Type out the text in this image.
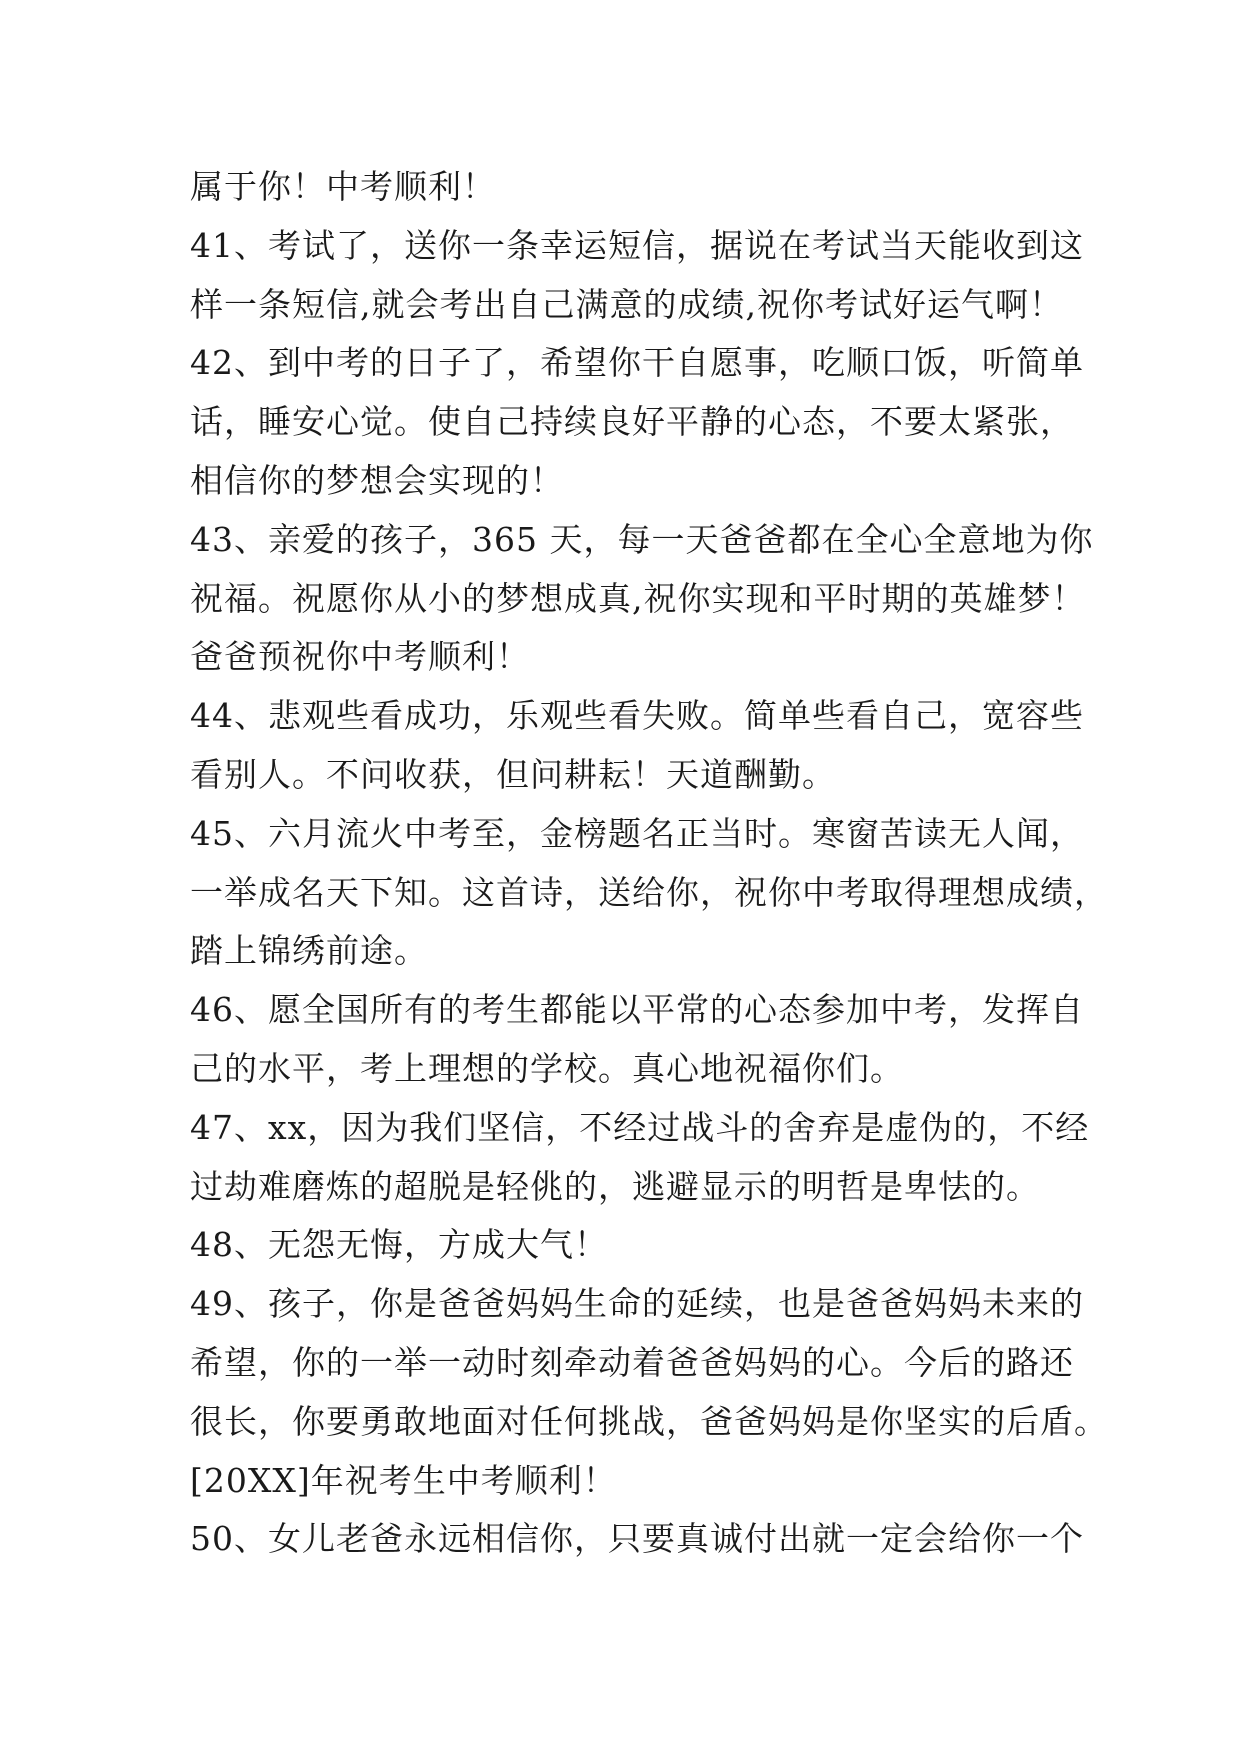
属于你！中考顺利！
41、考试了，送你一条幸运短信，据说在考试当天能收到这
样一条短信,就会考出自己满意的成绩,祝你考试好运气啊！
42、到中考的日子了，希望你干自愿事，吃顺口饭，听简单
话，睡安心觉。使自己持续良好平静的心态，不要太紧张，
相信你的梦想会实现的！
43、亲爱的孩子，365 天，每一天爸爸都在全心全意地为你
祝福。祝愿你从小的梦想成真,祝你实现和平时期的英雄梦！
爸爸预祝你中考顺利！
44、悲观些看成功，乐观些看失败。简单些看自己，宽容些
看别人。不问收获，但问耕耘！天道酬勤。
45、六月流火中考至，金榜题名正当时。寒窗苦读无人闻，
一举成名天下知。这首诗，送给你，祝你中考取得理想成绩，
踏上锦绣前途。
46、愿全国所有的考生都能以平常的心态参加中考，发挥自
己的水平，考上理想的学校。真心地祝福你们。
47、xx，因为我们坚信，不经过战斗的舍弃是虚伪的，不经
过劫难磨炼的超脱是轻佻的，逃避显示的明哲是卑怯的。
48、无怨无悔，方成大气！
49、孩子，你是爸爸妈妈生命的延续，也是爸爸妈妈未来的
希望，你的一举一动时刻牵动着爸爸妈妈的心。今后的路还
很长，你要勇敢地面对任何挑战，爸爸妈妈是你坚实的后盾。
[20XX]年祝考生中考顺利！
50、女儿老爸永远相信你，只要真诚付出就一定会给你一个
